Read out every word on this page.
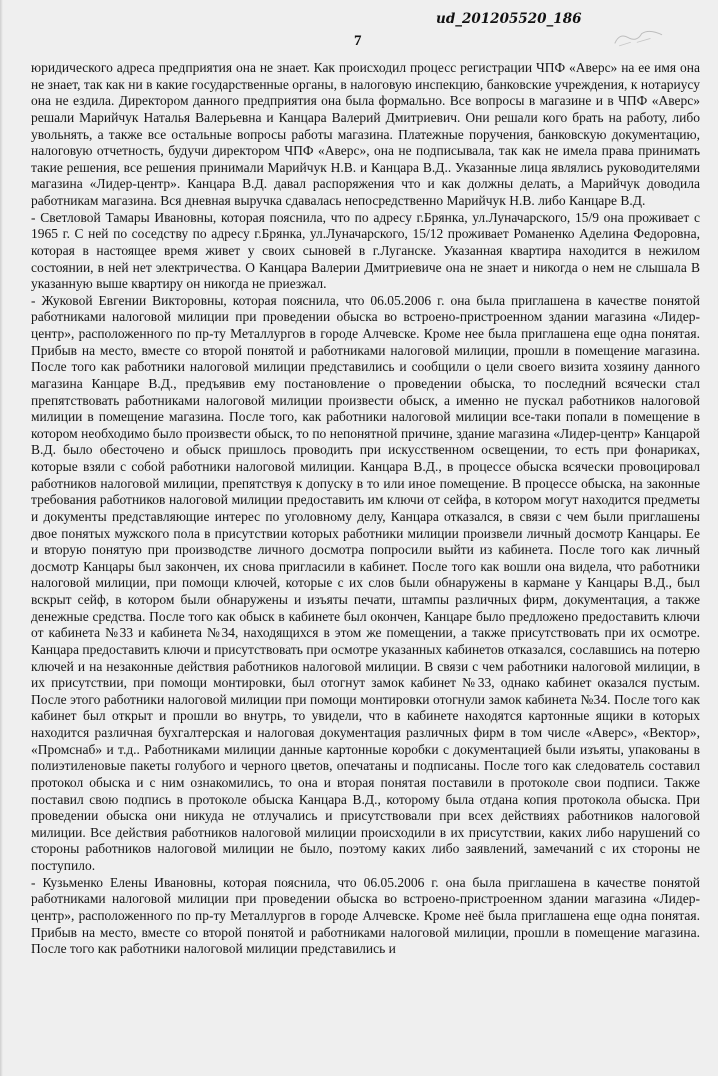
ud_201205520_186
7

юридического адреса предприятия она не знает. Как происходил процесс регистрации ЧПФ «Аверс» на ее имя она не знает, так как ни в какие государственные органы, в налоговую инспекцию, банковские учреждения, к нотариусу она не ездила. Директором данного предприятия она была формально. Все вопросы в магазине и в ЧПФ «Аверс» решали Марийчук Наталья Валерьевна и Канцара Валерий Дмитриевич. Они решали кого брать на работу, либо увольнять, а также все остальные вопросы работы магазина. Платежные поручения, банковскую документацию, налоговую отчетность, будучи директором ЧПФ «Аверс», она не подписывала, так как не имела права принимать такие решения, все решения принимали Марийчук Н.В. и Канцара В.Д.. Указанные лица являлись руководителями магазина «Лидер-центр». Канцара В.Д. давал распоряжения что и как должны делать, а Марийчук доводила работникам магазина. Вся дневная выручка сдавалась непосредственно Марийчук Н.В. либо Канцаре В.Д.

- Светловой Тамары Ивановны, которая пояснила, что по адресу г.Брянка, ул.Луначарского, 15/9 она проживает с 1965 г. С ней по соседству по адресу г.Брянка, ул.Луначарского, 15/12 проживает Романенко Аделина Федоровна, которая в настоящее время живет у своих сыновей в г.Луганске. Указанная квартира находится в нежилом состоянии, в ней нет электричества. О Канцара Валерии Дмитриевиче она не знает и никогда о нем не слышала В указанную выше квартиру он никогда не приезжал.

- Жуковой Евгении Викторовны, которая пояснила, что 06.05.2006 г. она была приглашена в качестве понятой работниками налоговой милиции при проведении обыска во встроено-пристроенном здании магазина «Лидер-центр», расположенного по пр-ту Металлургов в городе Алчевске. Кроме нее была приглашена еще одна понятая. Прибыв на место, вместе со второй понятой и работниками налоговой милиции, прошли в помещение магазина. После того как работники налоговой милиции представились и сообщили о цели своего визита хозяину данного магазина Канцаре В.Д., предъявив ему постановление о проведении обыска, то последний всячески стал препятствовать работниками налоговой милиции произвести обыск, а именно не пускал работников налоговой милиции в помещение магазина. После того, как работники налоговой милиции все-таки попали в помещение в котором необходимо было произвести обыск, то по непонятной причине, здание магазина «Лидер-центр» Канцарой В.Д. было обесточено и обыск пришлось проводить при искусственном освещении, то есть при фонариках, которые взяли с собой работники налоговой милиции. Канцара В.Д., в процессе обыска всячески провоцировал работников налоговой милиции, препятствуя к допуску в то или иное помещение. В процессе обыска, на законные требования работников налоговой милиции предоставить им ключи от сейфа, в котором могут находится предметы и документы представляющие интерес по уголовному делу, Канцара отказался, в связи с чем были приглашены двое понятых мужского пола в присутствии которых работники милиции произвели личный досмотр Канцары. Ее и вторую понятую при производстве личного досмотра попросили выйти из кабинета. После того как личный досмотр Канцары был закончен, их снова пригласили в кабинет. После того как вошли она видела, что работники налоговой милиции, при помощи ключей, которые с их слов были обнаружены в кармане у Канцары В.Д., был вскрыт сейф, в котором были обнаружены и изъяты печати, штампы различных фирм, документация, а также денежные средства. После того как обыск в кабинете был окончен, Канцаре было предложено предоставить ключи от кабинета №33 и кабинета №34, находящихся в этом же помещении, а также присутствовать при их осмотре. Канцара предоставить ключи и присутствовать при осмотре указанных кабинетов отказался, сославшись на потерю ключей и на незаконные действия работников налоговой милиции. В связи с чем работники налоговой милиции, в их присутствии, при помощи монтировки, был отогнут замок кабинет №33, однако кабинет оказался пустым. После этого работники налоговой милиции при помощи монтировки отогнули замок кабинета №34. После того как кабинет был открыт и прошли во внутрь, то увидели, что в кабинете находятся картонные ящики в которых находится различная бухгалтерская и налоговая документация различных фирм в том числе «Аверс», «Вектор», «Промснаб» и т.д.. Работниками милиции данные картонные коробки с документацией были изъяты, упакованы в полиэтиленовые пакеты голубого и черного цветов, опечатаны и подписаны. После того как следователь составил протокол обыска и с ним ознакомились, то она и вторая понятая поставили в протоколе свои подписи. Также поставил свою подпись в протоколе обыска Канцара В.Д., которому была отдана копия протокола обыска. При проведении обыска они никуда не отлучались и присутствовали при всех действиях работников налоговой милиции. Все действия работников налоговой милиции происходили в их присутствии, каких либо нарушений со стороны работников налоговой милиции не было, поэтому каких либо заявлений, замечаний с их стороны не поступило.

- Кузьменко Елены Ивановны, которая пояснила, что 06.05.2006 г. она была приглашена в качестве понятой работниками налоговой милиции при проведении обыска во встроено-пристроенном здании магазина «Лидер-центр», расположенного по пр-ту Металлургов в городе Алчевске. Кроме неё была приглашена еще одна понятая. Прибыв на место, вместе со второй понятой и работниками налоговой милиции, прошли в помещение магазина. После того как работники налоговой милиции представились и
